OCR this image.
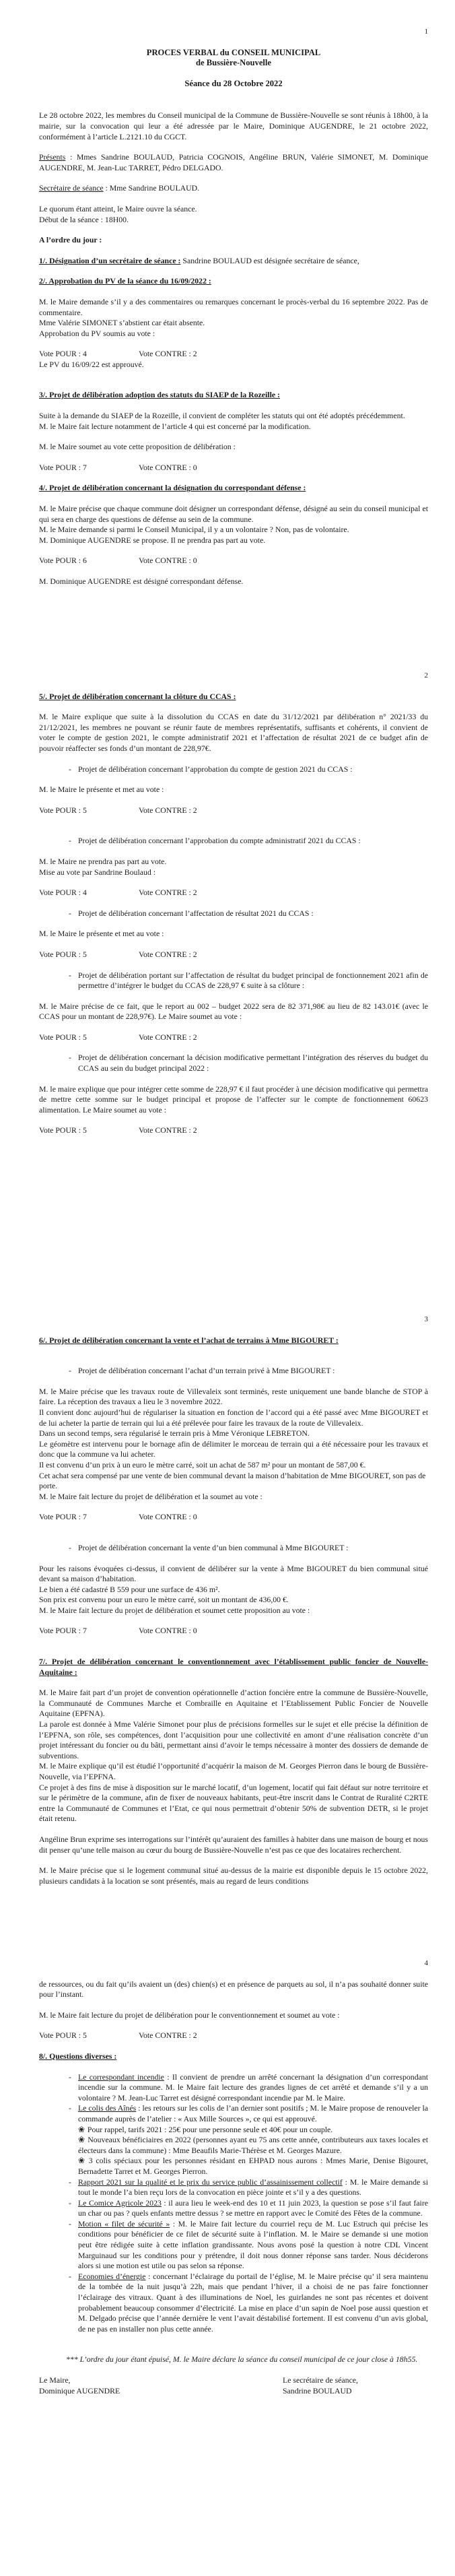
1
PROCES VERBAL du CONSEIL MUNICIPAL
de Bussière-Nouvelle
Séance du 28 Octobre 2022
Le 28 octobre 2022, les membres du Conseil municipal de la Commune de Bussière-Nouvelle se sont réunis à 18h00, à la mairie, sur la convocation qui leur a été adressée par le Maire, Dominique AUGENDRE, le 21 octobre 2022, conformément à l’article L.2121.10 du CGCT.
Présents : Mmes Sandrine BOULAUD, Patricia COGNOIS, Angéline BRUN, Valérie SIMONET, M. Dominique AUGENDRE, M. Jean-Luc TARRET, Pédro DELGADO.
Secrétaire de séance : Mme Sandrine BOULAUD.
Le quorum étant atteint, le Maire ouvre la séance.
Début de la séance : 18H00.
A l’ordre du jour :
1/. Désignation d’un secrétaire de séance : Sandrine BOULAUD est désignée secrétaire de séance,
2/. Approbation du PV de la séance du 16/09/2022 :
M. le Maire demande s’il y a des commentaires ou remarques concernant le procès-verbal du 16 septembre 2022. Pas de commentaire.
Mme Valérie SIMONET s’abstient car était absente.
Approbation du PV soumis au vote :
Vote POUR : 4	Vote CONTRE : 2
Le PV du 16/09/22 est approuvé.
3/. Projet de délibération adoption des statuts du SIAEP de la Rozeille :
Suite à la demande du SIAEP de la Rozeille, il convient de compléter les statuts qui ont été adoptés précédemment.
M. le Maire fait lecture notamment de l’article 4 qui est concerné par la modification.
M. le Maire soumet au vote cette proposition de délibération :
Vote POUR : 7	Vote CONTRE : 0
4/. Projet de délibération concernant la désignation du correspondant défense :
M. le Maire précise que chaque commune doit désigner un correspondant défense, désigné au sein du conseil municipal et qui sera en charge des questions de défense au sein de la commune.
M. le Maire demande si parmi le Conseil Municipal, il y a un volontaire ? Non, pas de volontaire.
M. Dominique AUGENDRE se propose. Il ne prendra pas part au vote.
Vote POUR : 6	Vote CONTRE : 0
M. Dominique AUGENDRE est désigné correspondant défense.
2
5/. Projet de délibération concernant la clôture du CCAS :
M. le Maire explique que suite à la dissolution du CCAS en date du 31/12/2021 par délibération n° 2021/33 du 21/12/2021, les membres ne pouvant se réunir faute de membres représentatifs, suffisants et cohérents, il convient de voter le compte de gestion 2021, le compte administratif 2021 et l’affectation de résultat 2021 de ce budget afin de pouvoir réaffecter ses fonds d’un montant de 228,97€.
- Projet de délibération concernant l’approbation du compte de gestion 2021 du CCAS :
M. le Maire le présente et met au vote :
Vote POUR : 5	Vote CONTRE : 2
- Projet de délibération concernant l’approbation du compte administratif 2021 du CCAS :
M. le Maire ne prendra pas part au vote.
Mise au vote par Sandrine Boulaud :
Vote POUR : 4	Vote CONTRE : 2
- Projet de délibération concernant l’affectation de résultat 2021 du CCAS :
M. le Maire le présente et met au vote :
Vote POUR : 5	Vote CONTRE : 2
- Projet de délibération portant sur l’affectation de résultat du budget principal de fonctionnement 2021 afin de permettre d’intégrer le budget du CCAS de 228,97 € suite à sa clôture :
M. le Maire précise de ce fait, que le report au 002 – budget 2022 sera de 82 371,98€ au lieu de 82 143.01€ (avec le CCAS pour un montant de 228,97€). Le Maire soumet au vote :
Vote POUR : 5	Vote CONTRE : 2
- Projet de délibération concernant la décision modificative permettant l’intégration des réserves du budget du CCAS au sein du budget principal 2022 :
M. le maire explique que pour intégrer cette somme de 228,97 € il faut procéder à une décision modificative qui permettra de mettre cette somme sur le budget principal et propose de l’affecter sur le compte de fonctionnement 60623 alimentation. Le Maire soumet au vote :
Vote POUR : 5	Vote CONTRE : 2
3
6/. Projet de délibération concernant la vente et l’achat de terrains à Mme BIGOURET :
- Projet de délibération concernant l’achat d’un terrain privé à Mme BIGOURET :
M. le Maire précise que les travaux route de Villevaleix sont terminés, reste uniquement une bande blanche de STOP à faire. La réception des travaux a lieu le 3 novembre 2022.
Il convient donc aujourd’hui de régulariser la situation en fonction de l’accord qui a été passé avec Mme BIGOURET et de lui acheter la partie de terrain qui lui a été prélevée pour faire les travaux de la route de Villevaleix.
Dans un second temps, sera régularisé le terrain pris à Mme Véronique LEBRETON.
Le géomètre est intervenu pour le bornage afin de délimiter le morceau de terrain qui a été nécessaire pour les travaux et donc que la commune va lui acheter.
Il est convenu d’un prix à un euro le mètre carré, soit un achat de 587 m² pour un montant de 587,00 €.
Cet achat sera compensé par une vente de bien communal devant la maison d’habitation de Mme BIGOURET, son pas de porte.
M. le Maire fait lecture du projet de délibération et la soumet au vote :
Vote POUR : 7	Vote CONTRE : 0
- Projet de délibération concernant la vente d’un bien communal à Mme BIGOURET :
Pour les raisons évoquées ci-dessus, il convient de délibérer sur la vente à Mme BIGOURET du bien communal situé devant sa maison d’habitation.
Le bien a été cadastré B 559 pour une surface de 436 m².
Son prix est convenu pour un euro le mètre carré, soit un montant de 436,00 €.
M. le Maire fait lecture du projet de délibération et soumet cette proposition au vote :
Vote POUR : 7	Vote CONTRE : 0
7/. Projet de délibération concernant le conventionnement avec l’établissement public foncier de Nouvelle-Aquitaine :
M. le Maire fait part d’un projet de convention opérationnelle d’action foncière entre la commune de Bussière-Nouvelle, la Communauté de Communes Marche et Combraille en Aquitaine et l’Etablissement Public Foncier de Nouvelle Aquitaine (EPFNA).
La parole est donnée à Mme Valérie Simonet pour plus de précisions formelles sur le sujet et elle précise la définition de l’EPFNA, son rôle, ses compétences, dont l’acquisition pour une collectivité en amont d’une réalisation concrète d’un projet intéressant du foncier ou du bâti, permettant ainsi d’avoir le temps nécessaire à monter des dossiers de demande de subventions.
M. le Maire explique qu’il est étudié l’opportunité d’acquérir la maison de M. Georges Pierron dans le bourg de Bussière-Nouvelle, via l’EPFNA.
Ce projet à des fins de mise à disposition sur le marché locatif, d’un logement, locatif qui fait défaut sur notre territoire et sur le périmètre de la commune, afin de fixer de nouveaux habitants, peut-être inscrit dans le Contrat de Ruralité C2RTE entre la Communauté de Communes et l’Etat, ce qui nous permettrait d’obtenir 50% de subvention DETR, si le projet était retenu.
Angéline Brun exprime ses interrogations sur l’intérêt qu’auraient des familles à habiter dans une maison de bourg et nous dit penser qu’une telle maison au cœur du bourg de Bussière-Nouvelle n’est pas ce que des locataires recherchent.
M. le Maire précise que si le logement communal situé au-dessus de la mairie est disponible depuis le 15 octobre 2022, plusieurs candidats à la location se sont présentés, mais au regard de leurs conditions
4
de ressources, ou du fait qu’ils avaient un (des) chien(s) et en présence de parquets au sol, il n’a pas souhaité donner suite pour l’instant.
M. le Maire fait lecture du projet de délibération pour le conventionnement et soumet au vote :
Vote POUR : 5	Vote CONTRE : 2
8/. Questions diverses :
- Le correspondant incendie : Il convient de prendre un arrêté concernant la désignation d’un correspondant incendie sur la commune. M. le Maire fait lecture des grandes lignes de cet arrêté et demande s’il y a un volontaire ? M. Jean-Luc Tarret est désigné correspondant incendie par M. le Maire.
- Le colis des Aînés : les retours sur les colis de l’an dernier sont positifs ; M. le Maire propose de renouveler la commande auprès de l’atelier : « Aux Mille Sources », ce qui est approuvé.
❀ Pour rappel, tarifs 2021 : 25€ pour une personne seule et 40€ pour un couple.
❀ Nouveaux bénéficiaires en 2022 (personnes ayant eu 75 ans cette année, contributeurs aux taxes locales et électeurs dans la commune) : Mme Beaufils Marie-Thérèse et M. Georges Mazure.
❀ 3 colis spéciaux pour les personnes résidant en EHPAD nous aurons : Mmes Marie, Denise Bigouret, Bernadette Tarret et M. Georges Pierron.
- Rapport 2021 sur la qualité et le prix du service public d’assainissement collectif : M. le Maire demande si tout le monde l’a bien reçu lors de la convocation en pièce jointe et s’il y a des questions.
- Le Comice Agricole 2023 : il aura lieu le week-end des 10 et 11 juin 2023, la question se pose s’il faut faire un char ou pas ? quels enfants mettre dessus ? se mettre en rapport avec le Comité des Fêtes de la commune.
- Motion « filet de sécurité » : M. le Maire fait lecture du courriel reçu de M. Luc Estruch qui précise les conditions pour bénéficier de ce filet de sécurité suite à l’inflation. M. le Maire se demande si une motion peut être rédigée suite à cette inflation grandissante. Nous avons posé la question à notre CDL Vincent Marguinaud sur les conditions pour y prétendre, il doit nous donner réponse sans tarder. Nous déciderons alors si une motion est utile ou pas selon sa réponse.
- Economies d’énergie : concernant l’éclairage du portail de l’église, M. le Maire précise qu’ il sera maintenu de la tombée de la nuit jusqu’à 22h, mais que pendant l’hiver, il a choisi de ne pas faire fonctionner l’éclairage des vitraux. Quant à des illuminations de Noel, les guirlandes ne sont pas récentes et doivent probablement beaucoup consommer d’électricité. La mise en place d’un sapin de Noel pose aussi question et M. Delgado précise que l’année dernière le vent l’avait déstabilisé fortement. Il est convenu d’un avis global, de ne pas en installer non plus cette année.
*** L’ordre du jour étant épuisé, M. le Maire déclare la séance du conseil municipal de ce jour close à 18h55.
Le Maire,
Dominique AUGENDRE
Le secrétaire de séance,
Sandrine BOULAUD
